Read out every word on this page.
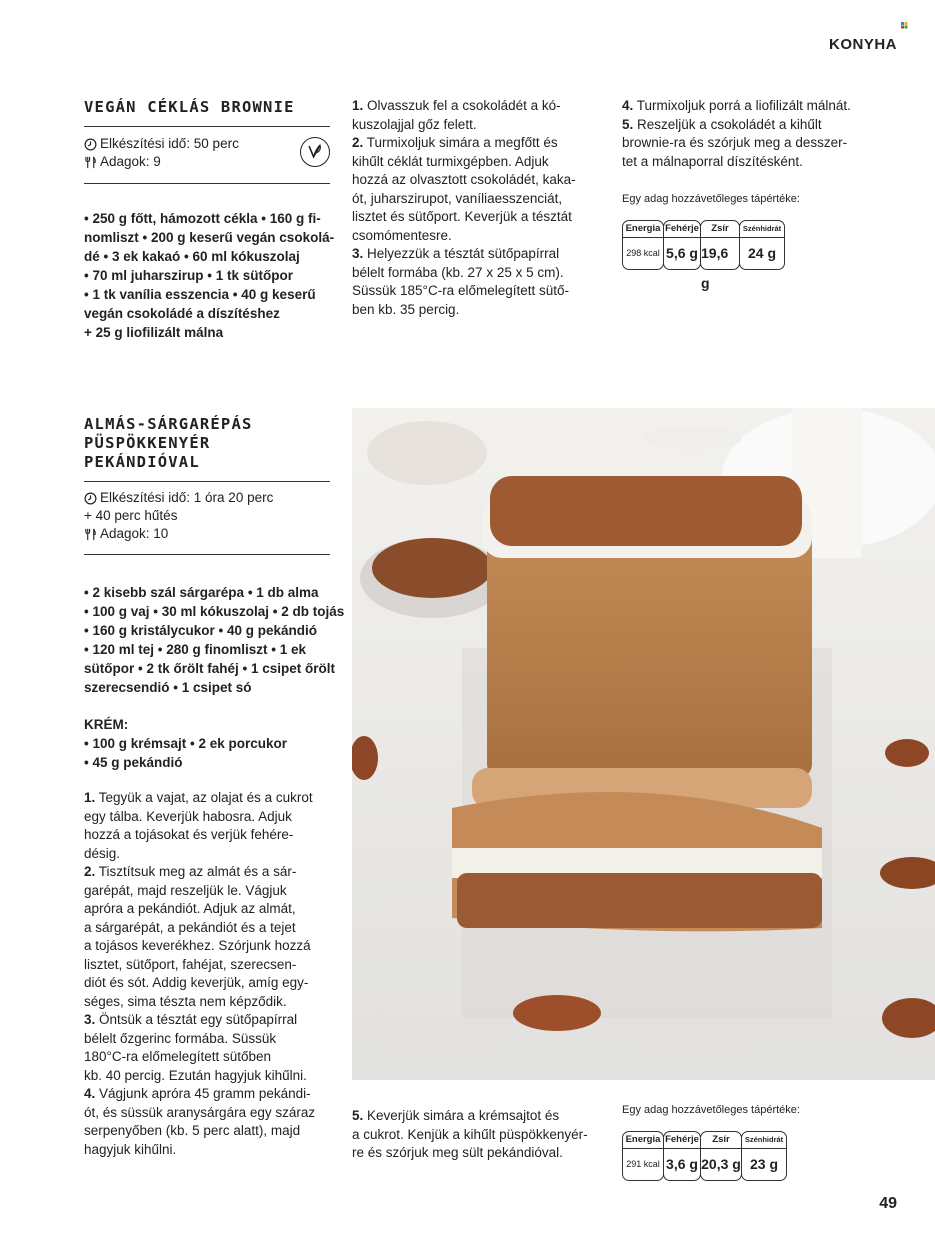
KONYHA
VEGÁN CÉKLÁS BROWNIE
Elkészítési idő: 50 perc
Adagok: 9
• 250 g főtt, hámozott cékla • 160 g fi-
nomliszt • 200 g keserű vegán csokolá-
dé • 3 ek kakaó • 60 ml kókuszolaj
• 70 ml juharszirup • 1 tk sütőpor
• 1 tk vanília esszencia • 40 g keserű
vegán csokoládé a díszítéshez
+ 25 g liofilizált málna

1. Olvasszuk fel a csokoládét a kó-

kuszolajjal gőz felett.

2. Turmixoljuk simára a megfőtt és

kihűlt céklát turmixgépben. Adjuk

hozzá az olvasztott csokoládét, kaka-

ót, juharszirupot, vaníliaesszenciát,

lisztet és sütőport. Keverjük a tésztát

csomómentesre.

3. Helyezzük a tésztát sütőpapírral

bélelt formába (kb. 27 x 25 x 5 cm).

Süssük 185°C-ra előmelegített sütő-

ben kb. 35 percig.

4. Turmixoljuk porrá a liofilizált málnát.

5. Reszeljük a csokoládét a kihűlt

brownie-ra és szórjuk meg a desszer-

tet a málnaporral díszítésként.

Egy adag hozzávetőleges tápértéke:
Energia
298 kcal
Fehérje
5,6 g
Zsír
19,6 g
Szénhidrát
24 g
ALMÁS-SÁRGARÉPÁS
PÜSPÖKKENYÉR
PEKÁNDIÓVAL
Elkészítési idő: 1 óra 20 perc
+ 40 perc hűtés
Adagok: 10
• 2 kisebb szál sárgarépa • 1 db alma
• 100 g vaj • 30 ml kókuszolaj • 2 db tojás
• 160 g kristálycukor • 40 g pekándió
• 120 ml tej • 280 g finomliszt • 1 ek
sütőpor • 2 tk őrölt fahéj • 1 csipet őrölt
szerecsendió • 1 csipet só
KRÉM:
• 100 g krémsajt • 2 ek porcukor
• 45 g pekándió

1. Tegyük a vajat, az olajat és a cukrot

egy tálba. Keverjük habosra. Adjuk

hozzá a tojásokat és verjük fehére-

désig.

2. Tisztítsuk meg az almát és a sár-

garépát, majd reszeljük le. Vágjuk

apróra a pekándiót. Adjuk az almát,

a sárgarépát, a pekándiót és a tejet

a tojásos keverékhez. Szórjunk hozzá

lisztet, sütőport, fahéjat, szerecsen-

diót és sót. Addig keverjük, amíg egy-

séges, sima tészta nem képződik.

3. Öntsük a tésztát egy sütőpapírral

bélelt őzgerinc formába. Süssük

180°C-ra előmelegített sütőben

kb. 40 percig. Ezután hagyjuk kihűlni.

4. Vágjunk apróra 45 gramm pekándi-

ót, és süssük aranysárgára egy száraz

serpenyőben (kb. 5 perc alatt), majd

hagyjuk kihűlni.

5. Keverjük simára a krémsajtot és

a cukrot. Kenjük a kihűlt püspökkenyér-

re és szórjuk meg sült pekándióval.

Egy adag hozzávetőleges tápértéke:
Energia
291 kcal
Fehérje
3,6 g
Zsír
20,3 g
Szénhidrát
23 g
49
